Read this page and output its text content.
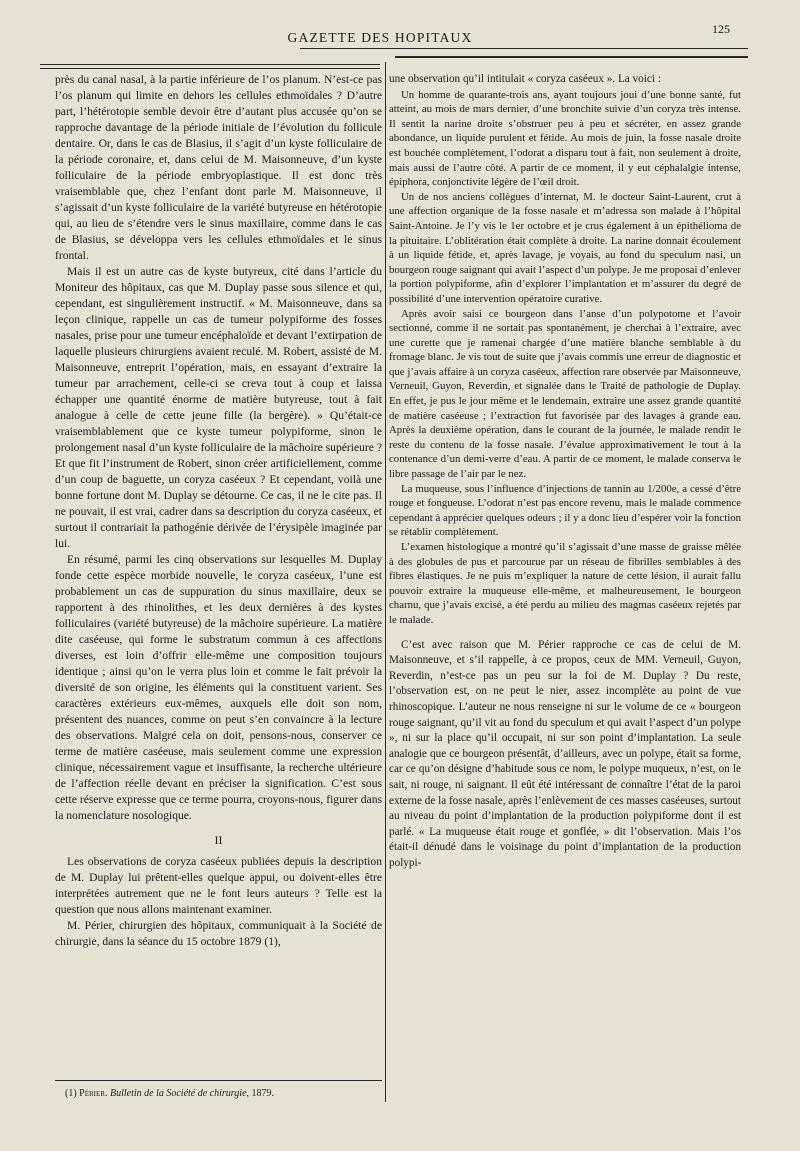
125
GAZETTE DES HOPITAUX

près du canal nasal, à la partie inférieure de l’os planum. N’est-ce pas l’os planum qui limite en dehors les cellules ethmoïdales ? D’autre part, l’hétérotopie semble devoir être d’autant plus accusée qu’on se rapproche davantage de la période initiale de l’évolution du follicule dentaire. Or, dans le cas de Blasius, il s’agit d’un kyste folliculaire de la période coronaire, et, dans celui de M. Maisonneuve, d’un kyste folliculaire de la période embryoplastique. Il est donc très vraisemblable que, chez l’enfant dont parle M. Maisonneuve, il s’agissait d’un kyste folliculaire de la variété butyreuse en hétérotopie qui, au lieu de s’étendre vers le sinus maxillaire, comme dans le cas de Blasius, se développa vers les cellules ethmoïdales et le sinus frontal.

Mais il est un autre cas de kyste butyreux, cité dans l’article du Moniteur des hôpitaux, cas que M. Duplay passe sous silence et qui, cependant, est singulièrement instructif. « M. Maisonneuve, dans sa leçon clinique, rappelle un cas de tumeur polypiforme des fosses nasales, prise pour une tumeur encéphaloïde et devant l’extirpation de laquelle plusieurs chirurgiens avaient reculé. M. Robert, assisté de M. Maisonneuve, entreprit l’opération, mais, en essayant d’extraire la tumeur par arrachement, celle-ci se creva tout à coup et laissa échapper une quantité énorme de matière butyreuse, tout à fait analogue à celle de cette jeune fille (la bergère). » Qu’était-ce vraisemblablement que ce kyste tumeur polypiforme, sinon le prolongement nasal d’un kyste folliculaire de la mâchoire supérieure ? Et que fit l’instrument de Robert, sinon créer artificiellement, comme d’un coup de baguette, un coryza caséeux ? Et cependant, voilà une bonne fortune dont M. Duplay se détourne. Ce cas, il ne le cite pas. Il ne pouvait, il est vrai, cadrer dans sa description du coryza caséeux, et surtout il contrariait la pathogénie dérivée de l’érysipèle imaginée par lui.

En résumé, parmi les cinq observations sur lesquelles M. Duplay fonde cette espèce morbide nouvelle, le coryza caséeux, l’une est probablement un cas de suppuration du sinus maxillaire, deux se rapportent à des rhinolithes, et les deux dernières à des kystes folliculaires (variété butyreuse) de la mâchoire supérieure. La matière dite caséeuse, qui forme le substratum commun à ces affections diverses, est loin d’offrir elle-même une composition toujours identique ; ainsi qu’on le verra plus loin et comme le fait prévoir la diversité de son origine, les éléments qui la constituent varient. Ses caractères extérieurs eux-mêmes, auxquels elle doit son nom, présentent des nuances, comme on peut s’en convaincre à la lecture des observations. Malgré cela on doit, pensons-nous, conserver ce terme de matière caséeuse, mais seulement comme une expression clinique, nécessairement vague et insuffisante, la recherche ultérieure de l’affection réelle devant en préciser la signification. C’est sous cette réserve expresse que ce terme pourra, croyons-nous, figurer dans la nomenclature nosologique.

II

Les observations de coryza caséeux publiées depuis la description de M. Duplay lui prêtent-elles quelque appui, ou doivent-elles être interprétées autrement que ne le font leurs auteurs ? Telle est la question que nous allons maintenant examiner.

M. Périer, chirurgien des hôpitaux, communiquait à la Société de chirurgie, dans la séance du 15 octobre 1879 (1),

(1) Périer. Bulletin de la Société de chirurgie, 1879.

une observation qu’il intitulait « coryza caséeux ». La voici :

Un homme de quarante-trois ans, ayant toujours joui d’une bonne santé, fut atteint, au mois de mars dernier, d’une bronchite suivie d’un coryza très intense. Il sentit la narine droite s’obstruer peu à peu et sécréter, en assez grande abondance, un liquide purulent et fétide. Au mois de juin, la fosse nasale droite est bouchée complètement, l’odorat a disparu tout à fait, non seulement à droite, mais aussi de l’autre côté. A partir de ce moment, il y eut céphalalgie intense, épiphora, conjonctivite légère de l’œil droit.

Un de nos anciens collègues d’internat, M. le docteur Saint-Laurent, crut à une affection organique de la fosse nasale et m’adressa son malade à l’hôpital Saint-Antoine. Je l’y vis le 1er octobre et je crus également à un épithélioma de la pituitaire. L’oblitération était complète à droite. La narine donnait écoulement à un liquide fétide, et, après lavage, je voyais, au fond du speculum nasi, un bourgeon rouge saignant qui avait l’aspect d’un polype. Je me proposai d’enlever la portion polypiforme, afin d’explorer l’implantation et m’assurer du degré de possibilité d’une intervention opératoire curative.

Après avoir saisi ce bourgeon dans l’anse d’un polypotome et l’avoir sectionné, comme il ne sortait pas spontanément, je cherchai à l’extraire, avec une curette que je ramenai chargée d’une matière blanche semblable à du fromage blanc. Je vis tout de suite que j’avais commis une erreur de diagnostic et que j’avais affaire à un coryza caséeux, affection rare observée par Maisonneuve, Verneuil, Guyon, Reverdin, et signalée dans le Traité de pathologie de Duplay. En effet, je pus le jour même et le lendemain, extraire une assez grande quantité de matière caséeuse ; l’extraction fut favorisée par des lavages à grande eau. Après la deuxième opération, dans le courant de la journée, le malade rendit le reste du contenu de la fosse nasale. J’évalue approximativement le tout à la contenance d’un demi-verre d’eau. A partir de ce moment, le malade conserva le libre passage de l’air par le nez.

La muqueuse, sous l’influence d’injections de tannin au 1/200e, a cessé d’être rouge et fongueuse. L’odorat n’est pas encore revenu, mais le malade commence cependant à apprécier quelques odeurs ; il y a donc lieu d’espérer voir la fonction se rétablir complètement.

L’examen histologique a montré qu’il s’agissait d’une masse de graisse mêlée à des globules de pus et parcourue par un réseau de fibrilles semblables à des fibres élastiques. Je ne puis m’expliquer la nature de cette lésion, il aurait fallu pouvoir extraire la muqueuse elle-même, et malheureusement, le bourgeon charnu, que j’avais excisé, a été perdu au milieu des magmas caséeux rejetés par le malade.

C’est avec raison que M. Périer rapproche ce cas de celui de M. Maisonneuve, et s’il rappelle, à ce propos, ceux de MM. Verneuil, Guyon, Reverdin, n’est-ce pas un peu sur la foi de M. Duplay ? Du reste, l’observation est, on ne peut le nier, assez incomplète au point de vue rhinoscopique. L’auteur ne nous renseigne ni sur le volume de ce « bourgeon rouge saignant, qu’il vit au fond du speculum et qui avait l’aspect d’un polype », ni sur la place qu’il occupait, ni sur son point d’implantation. La seule analogie que ce bourgeon présentât, d’ailleurs, avec un polype, était sa forme, car ce qu’on désigne d’habitude sous ce nom, le polype muqueux, n’est, on le sait, ni rouge, ni saignant. Il eût été intéressant de connaître l’état de la paroi externe de la fosse nasale, après l’enlèvement de ces masses caséeuses, surtout au niveau du point d’implantation de la production polypiforme dont il est parlé. « La muqueuse était rouge et gonflée, » dit l’observation. Mais l’os était-il dénudé dans le voisinage du point d’implantation de la production polypi-
